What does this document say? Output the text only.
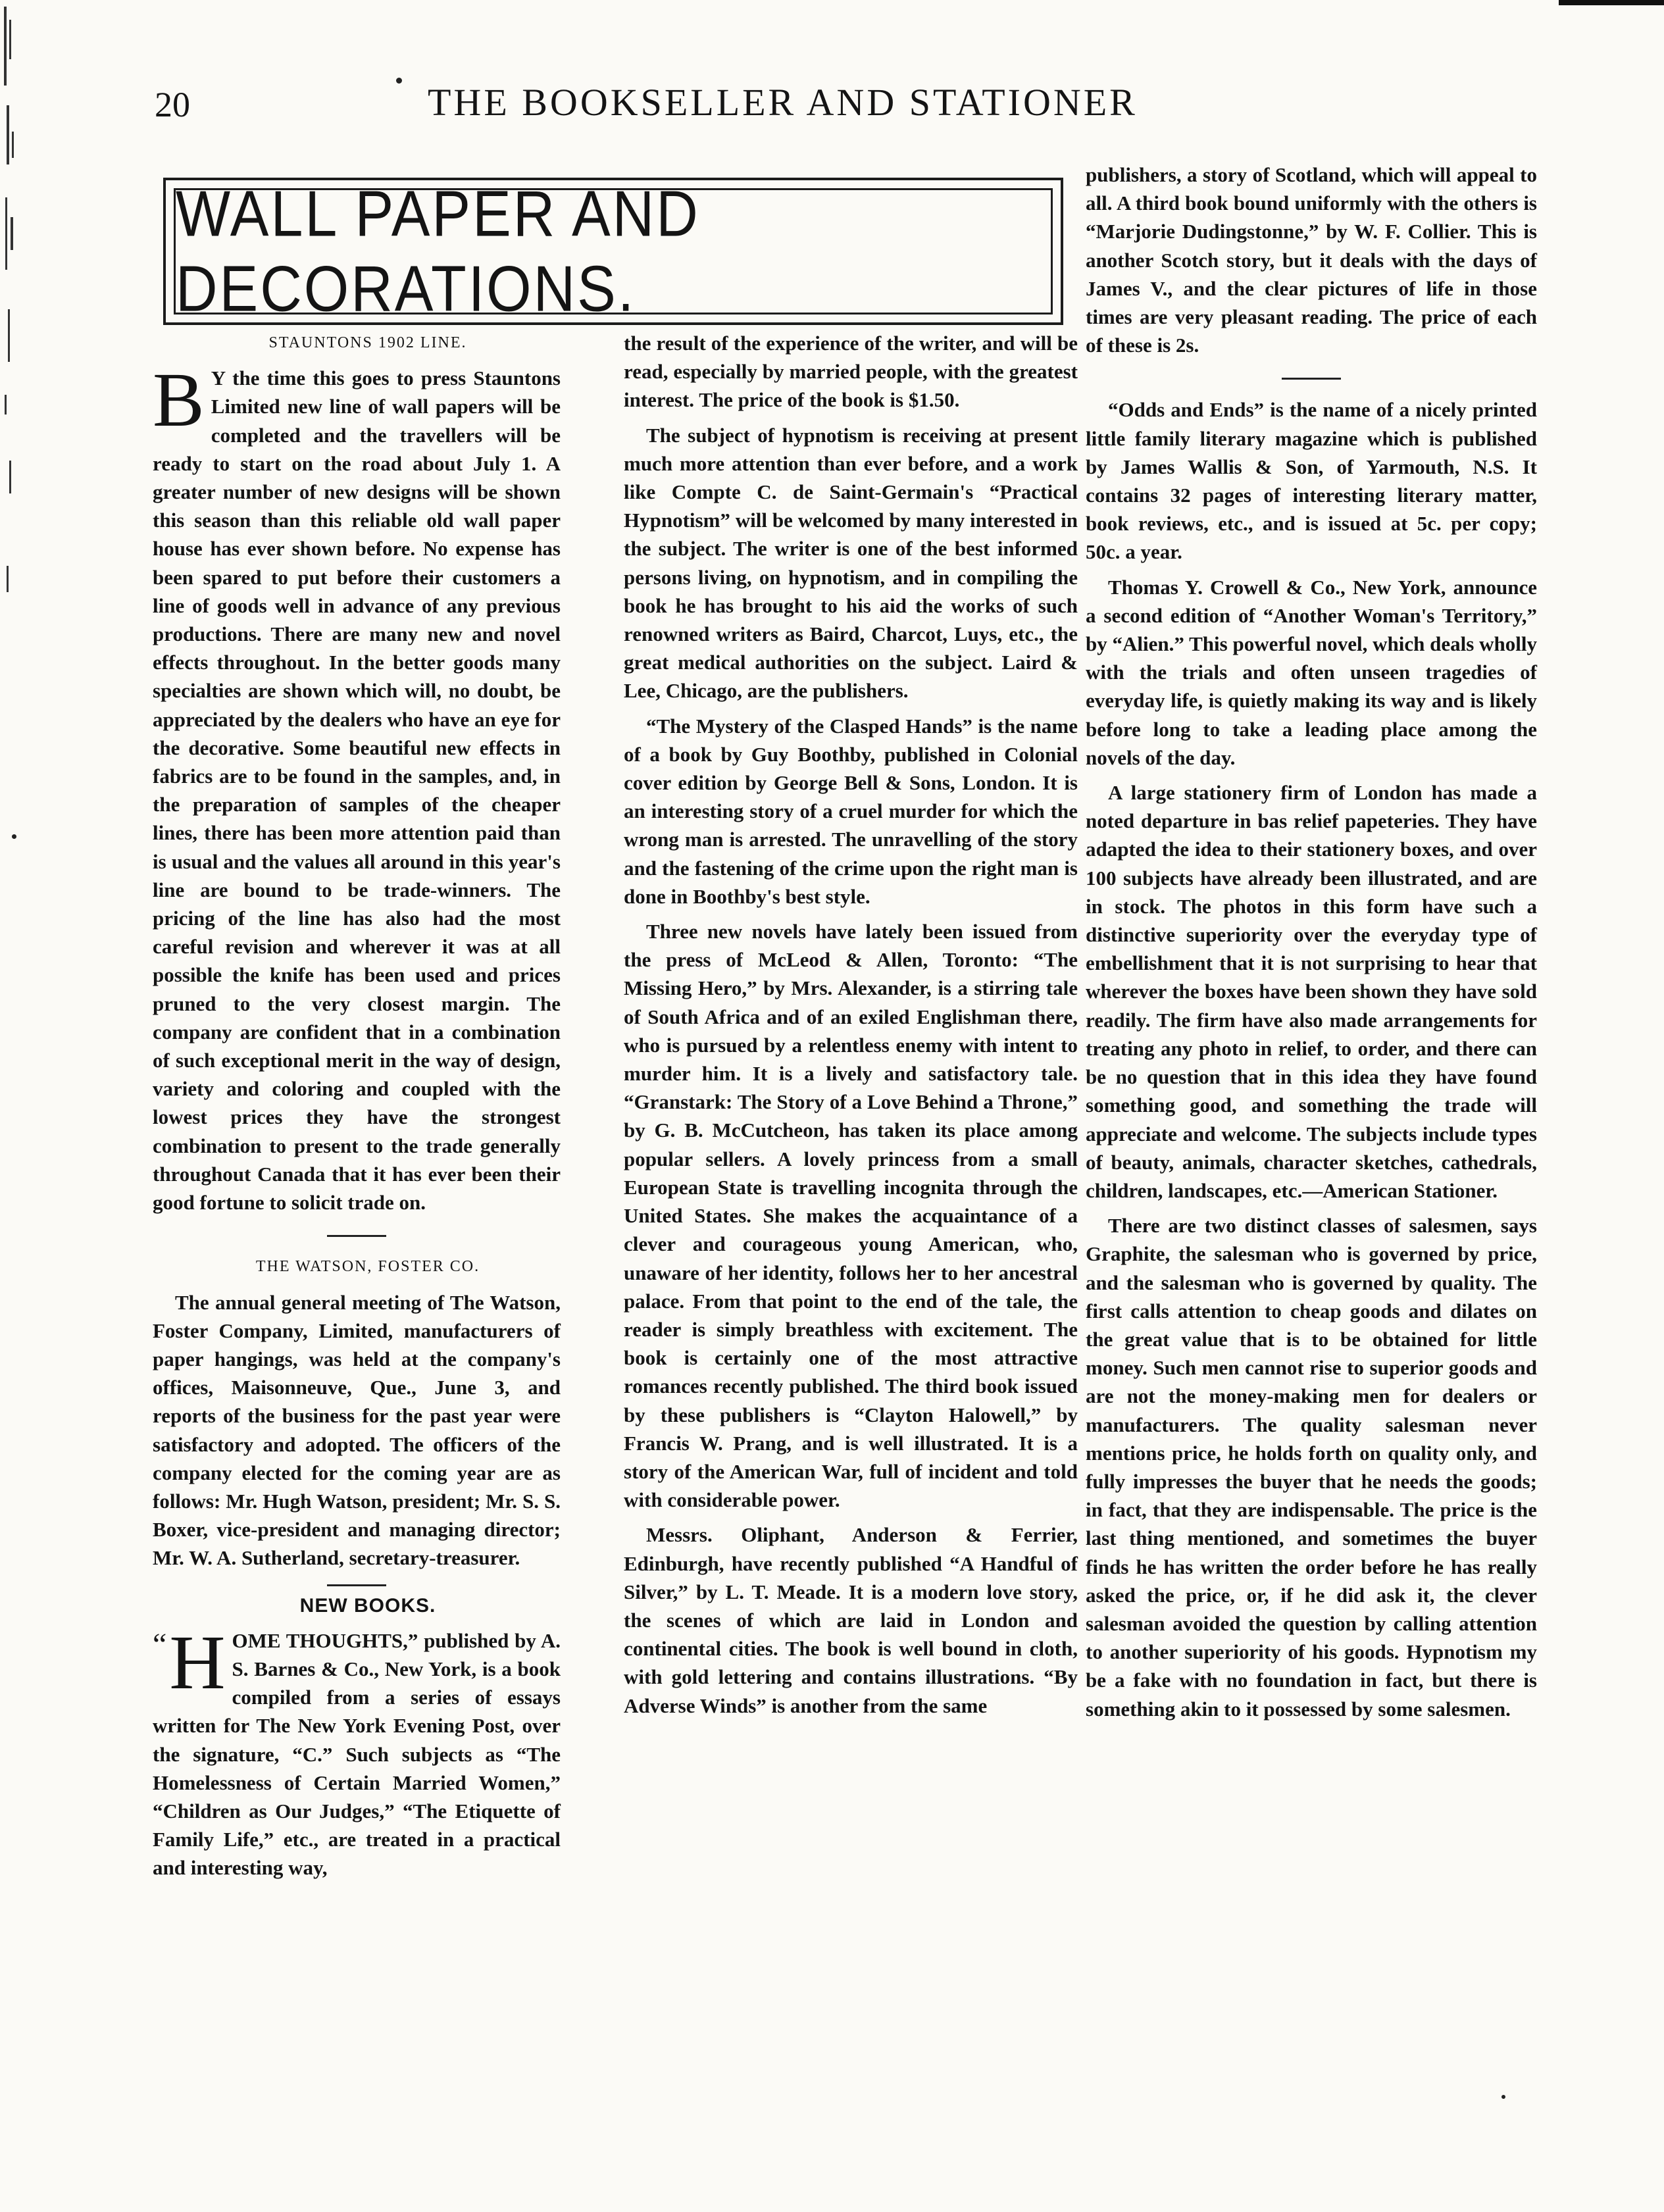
20	THE BOOKSELLER AND STATIONER
WALL PAPER AND DECORATIONS.

STAUNTONS 1902 LINE.

B Y the time this goes to press Stauntons Limited new line of wall papers will be completed and the travellers will be ready to start on the road about July 1. A greater number of new designs will be shown this season than this reliable old wall paper house has ever shown before. No expense has been spared to put before their customers a line of goods well in advance of any previous productions. There are many new and novel effects throughout. In the better goods many specialties are shown which will, no doubt, be appreciated by the dealers who have an eye for the decorative. Some beautiful new effects in fabrics are to be found in the samples, and, in the preparation of samples of the cheaper lines, there has been more attention paid than is usual and the values all around in this year's line are bound to be trade-winners. The pricing of the line has also had the most careful revision and wherever it was at all possible the knife has been used and prices pruned to the very closest margin. The company are confident that in a combination of such exceptional merit in the way of design, variety and coloring and coupled with the lowest prices they have the strongest combination to present to the trade generally throughout Canada that it has ever been their good fortune to solicit trade on.

THE WATSON, FOSTER CO.

The annual general meeting of The Watson, Foster Company, Limited, manufacturers of paper hangings, was held at the company's offices, Maisonneuve, Que., June 3, and reports of the business for the past year were satisfactory and adopted. The officers of the company elected for the coming year are as follows: Mr. Hugh Watson, president; Mr. S. S. Boxer, vice-president and managing director; Mr. W. A. Sutherland, secretary-treasurer.

NEW BOOKS.

“ H OME THOUGHTS,” published by A. S. Barnes & Co., New York, is a book compiled from a series of essays written for The New York Evening Post, over the signature, “C.” Such subjects as “The Homelessness of Certain Married Women,” “Children as Our Judges,” “The Etiquette of Family Life,” etc., are treated in a practical and interesting way,

the result of the experience of the writer, and will be read, especially by married people, with the greatest interest. The price of the book is $1.50.

The subject of hypnotism is receiving at present much more attention than ever before, and a work like Compte C. de Saint-Germain's “Practical Hypnotism” will be welcomed by many interested in the subject. The writer is one of the best informed persons living, on hypnotism, and in compiling the book he has brought to his aid the works of such renowned writers as Baird, Charcot, Luys, etc., the great medical authorities on the subject. Laird & Lee, Chicago, are the publishers.

“The Mystery of the Clasped Hands” is the name of a book by Guy Boothby, published in Colonial cover edition by George Bell & Sons, London. It is an interesting story of a cruel murder for which the wrong man is arrested. The unravelling of the story and the fastening of the crime upon the right man is done in Boothby's best style.

Three new novels have lately been issued from the press of McLeod & Allen, Toronto: “The Missing Hero,” by Mrs. Alexander, is a stirring tale of South Africa and of an exiled Englishman there, who is pursued by a relentless enemy with intent to murder him. It is a lively and satisfactory tale. “Granstark: The Story of a Love Behind a Throne,” by G. B. McCutcheon, has taken its place among popular sellers. A lovely princess from a small European State is travelling incognita through the United States. She makes the acquaintance of a clever and courageous young American, who, unaware of her identity, follows her to her ancestral palace. From that point to the end of the tale, the reader is simply breathless with excitement. The book is certainly one of the most attractive romances recently published. The third book issued by these publishers is “Clayton Halowell,” by Francis W. Prang, and is well illustrated. It is a story of the American War, full of incident and told with considerable power.

Messrs. Oliphant, Anderson & Ferrier, Edinburgh, have recently published “A Handful of Silver,” by L. T. Meade. It is a modern love story, the scenes of which are laid in London and continental cities. The book is well bound in cloth, with gold lettering and contains illustrations. “By Adverse Winds” is another from the same

publishers, a story of Scotland, which will appeal to all. A third book bound uniformly with the others is “Marjorie Dudingstonne,” by W. F. Collier. This is another Scotch story, but it deals with the days of James V., and the clear pictures of life in those times are very pleasant reading. The price of each of these is 2s.

“Odds and Ends” is the name of a nicely printed little family literary magazine which is published by James Wallis & Son, of Yarmouth, N.S. It contains 32 pages of interesting literary matter, book reviews, etc., and is issued at 5c. per copy; 50c. a year.

Thomas Y. Crowell & Co., New York, announce a second edition of “Another Woman's Territory,” by “Alien.” This powerful novel, which deals wholly with the trials and often unseen tragedies of everyday life, is quietly making its way and is likely before long to take a leading place among the novels of the day.

A large stationery firm of London has made a noted departure in bas relief papeteries. They have adapted the idea to their stationery boxes, and over 100 subjects have already been illustrated, and are in stock. The photos in this form have such a distinctive superiority over the everyday type of embellishment that it is not surprising to hear that wherever the boxes have been shown they have sold readily. The firm have also made arrangements for treating any photo in relief, to order, and there can be no question that in this idea they have found something good, and something the trade will appreciate and welcome. The subjects include types of beauty, animals, character sketches, cathedrals, children, landscapes, etc.—American Stationer.

There are two distinct classes of salesmen, says Graphite, the salesman who is governed by price, and the salesman who is governed by quality. The first calls attention to cheap goods and dilates on the great value that is to be obtained for little money. Such men cannot rise to superior goods and are not the money-making men for dealers or manufacturers. The quality salesman never mentions price, he holds forth on quality only, and fully impresses the buyer that he needs the goods; in fact, that they are indispensable. The price is the last thing mentioned, and sometimes the buyer finds he has written the order before he has really asked the price, or, if he did ask it, the clever salesman avoided the question by calling attention to another superiority of his goods. Hypnotism my be a fake with no foundation in fact, but there is something akin to it possessed by some salesmen.
